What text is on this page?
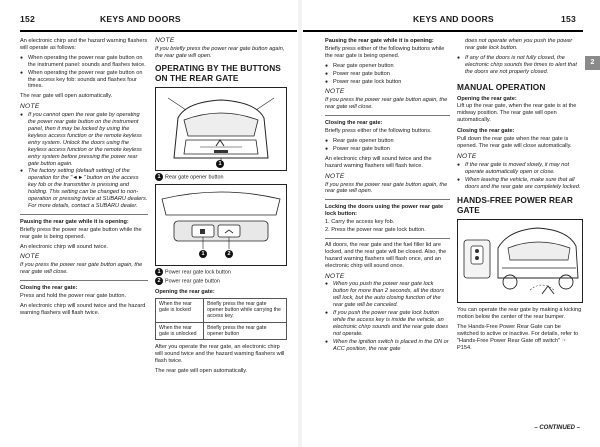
152	KEYS AND DOORS

An electronic chirp and the hazard warning flashers will operate as follows:

● When operating the power rear gate button on the instrument panel: sounds and flashes twice.
● When operating the power rear gate button on the access key fob: sounds and flashes four times.

The rear gate will open automatically.

NOTE
● If you cannot open the rear gate by operating the power rear gate button on the instrument panel, then it may be locked by using the keyless access function or the remote keyless entry system. Unlock the doors using the keyless access function or the remote keyless entry system before pressing the power rear gate button again.
● The factory setting (default setting) of the operation for the "◄►" button on the access key fob or the transmitter is pressing and holding. This setting can be changed to non-operation or pressing twice at SUBARU dealers. For more details, contact a SUBARU dealer.
Pausing the rear gate while it is opening:

Briefly press the power rear gate button while the rear gate is being opened.

An electronic chirp will sound twice.

NOTE

If you press the power rear gate button again, the rear gate will close.

Closing the rear gate:

Press and hold the power rear gate button.

An electronic chirp will sound twice and the hazard warning flashers will flash twice.

NOTE

If you briefly press the power rear gate button again, the rear gate will open.

OPERATING BY THE BUTTONS ON THE REAR GATE
1
1 Rear gate opener button
1	2
1 Power rear gate lock button
2 Power rear gate button
Opening the rear gate:
When the rear gate is locked	Briefly press the rear gate opener button while carrying the access key.
When the rear gate is unlocked	Briefly press the rear gate opener button

After you operate the rear gate, an electronic chirp will sound twice and the hazard warning flashers will flash twice.

The rear gate will open automatically.

KEYS AND DOORS	153
2
Pausing the rear gate while it is opening:

Briefly press either of the following buttons while the rear gate is being opened.

● Rear gate opener button
● Power rear gate button
● Power rear gate lock button
NOTE

If you press the power rear gate button again, the rear gate will close.

Closing the rear gate:

Briefly press either of the following buttons.

● Rear gate opener button
● Power rear gate button

An electronic chirp will sound twice and the hazard warning flashers will flash twice.

NOTE

If you press the power rear gate button again, the rear gate will open.

Locking the doors using the power rear gate lock button:
1. Carry the access key fob.
2. Press the power rear gate lock button.

All doors, the rear gate and the fuel filler lid are locked, and the rear gate will be closed. Also, the hazard warning flashers will flash once, and an electronic chirp will sound once.

NOTE
● When you push the power rear gate lock button for more than 2 seconds, all the doors will lock, but the auto closing function of the rear gate will be canceled.
● If you push the power rear gate lock button while the access key is inside the vehicle, an electronic chirp sounds and the rear gate does not operate.
● When the ignition switch is placed in the ON or ACC position, the rear gate

does not operate when you push the power rear gate lock button.

● If any of the doors is not fully closed, the electronic chirp sounds five times to alert that the doors are not properly closed.
MANUAL OPERATION
Opening the rear gate:

Lift up the rear gate, when the rear gate is at the midway position. The rear gate will open automatically.

Closing the rear gate:

Pull down the rear gate when the rear gate is opened. The rear gate will close automatically.

NOTE
● If the rear gate is moved slowly, it may not operate automatically open or close.
● When leaving the vehicle, make sure that all doors and the rear gate are completely locked.
HANDS-FREE POWER REAR GATE

You can operate the rear gate by making a kicking motion below the center of the rear bumper.

The Hands-Free Power Rear Gate can be switched to active or inactive. For details, refer to "Hands-Free Power Rear Gate off switch" ☞ P154.

– CONTINUED –
